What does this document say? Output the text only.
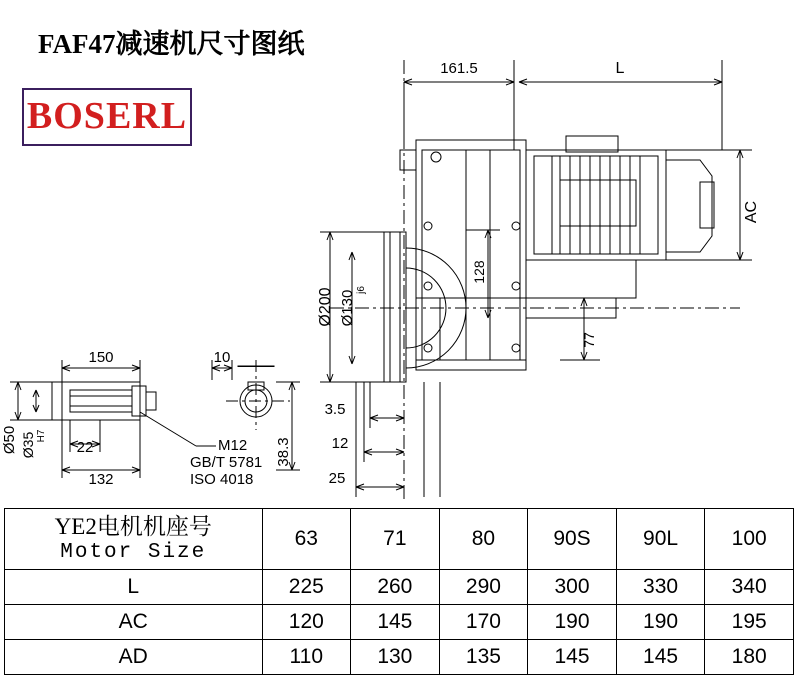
FAF47减速机尺寸图纸
BOSERL
161.5	L
AC
Ø200 Ø130 j6
128
77
3.5
12
25
150	10
22
132
Ø50 Ø35 H7
38.3
M12
GB/T 5781
ISO 4018
YE2电机机座号
Motor Size	63	71	80	90S	90L	100
L	225	260	290	300	330	340
AC	120	145	170	190	190	195
AD	110	130	135	145	145	180
